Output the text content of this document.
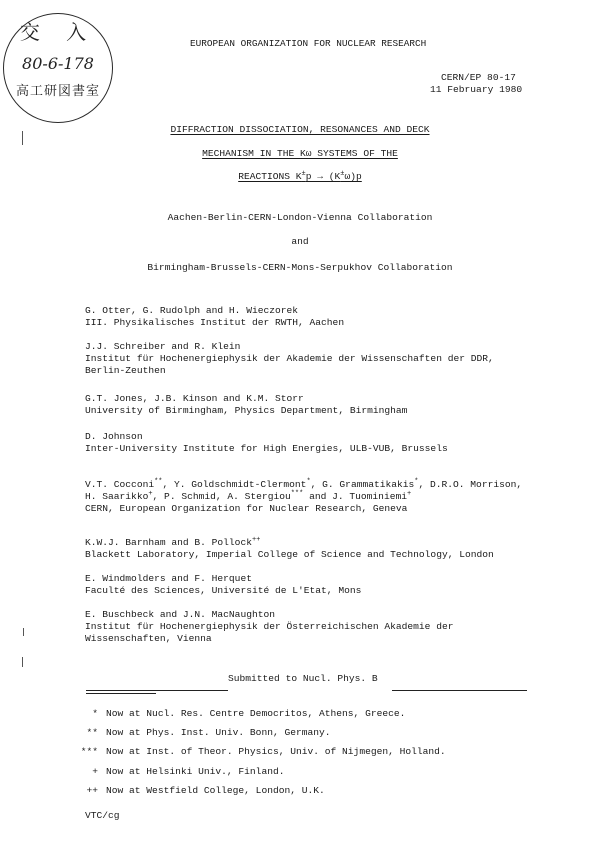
交 入
80-6-178
高工研図書室
EUROPEAN ORGANIZATION FOR NUCLEAR RESEARCH
CERN/EP 80-17
11 February 1980
DIFFRACTION DISSOCIATION, RESONANCES AND DECK
MECHANISM IN THE Kω SYSTEMS OF THE
REACTIONS K±p → (K±ω)p
Aachen-Berlin-CERN-London-Vienna Collaboration
and
Birmingham-Brussels-CERN-Mons-Serpukhov Collaboration
G. Otter, G. Rudolph and H. Wieczorek
III. Physikalisches Institut der RWTH, Aachen
J.J. Schreiber and R. Klein
Institut für Hochenergiephysik der Akademie der Wissenschaften der DDR,
Berlin-Zeuthen
G.T. Jones, J.B. Kinson and K.M. Storr
University of Birmingham, Physics Department, Birmingham
D. Johnson
Inter-University Institute for High Energies, ULB-VUB, Brussels
V.T. Cocconi**, Y. Goldschmidt-Clermont*, G. Grammatikakis*, D.R.O. Morrison,
H. Saarikko+, P. Schmid, A. Stergiou*** and J. Tuominiemi+
CERN, European Organization for Nuclear Research, Geneva
K.W.J. Barnham and B. Pollock++
Blackett Laboratory, Imperial College of Science and Technology, London
E. Windmolders and F. Herquet
Faculté des Sciences, Université de L'Etat, Mons
E. Buschbeck and J.N. MacNaughton
Institut für Hochenergiephysik der Österreichischen Akademie der
Wissenschaften, Vienna
Submitted to Nucl. Phys. B
* Now at Nucl. Res. Centre Democritos, Athens, Greece.
** Now at Phys. Inst. Univ. Bonn, Germany.
*** Now at Inst. of Theor. Physics, Univ. of Nijmegen, Holland.
+ Now at Helsinki Univ., Finland.
++ Now at Westfield College, London, U.K.
VTC/cg
